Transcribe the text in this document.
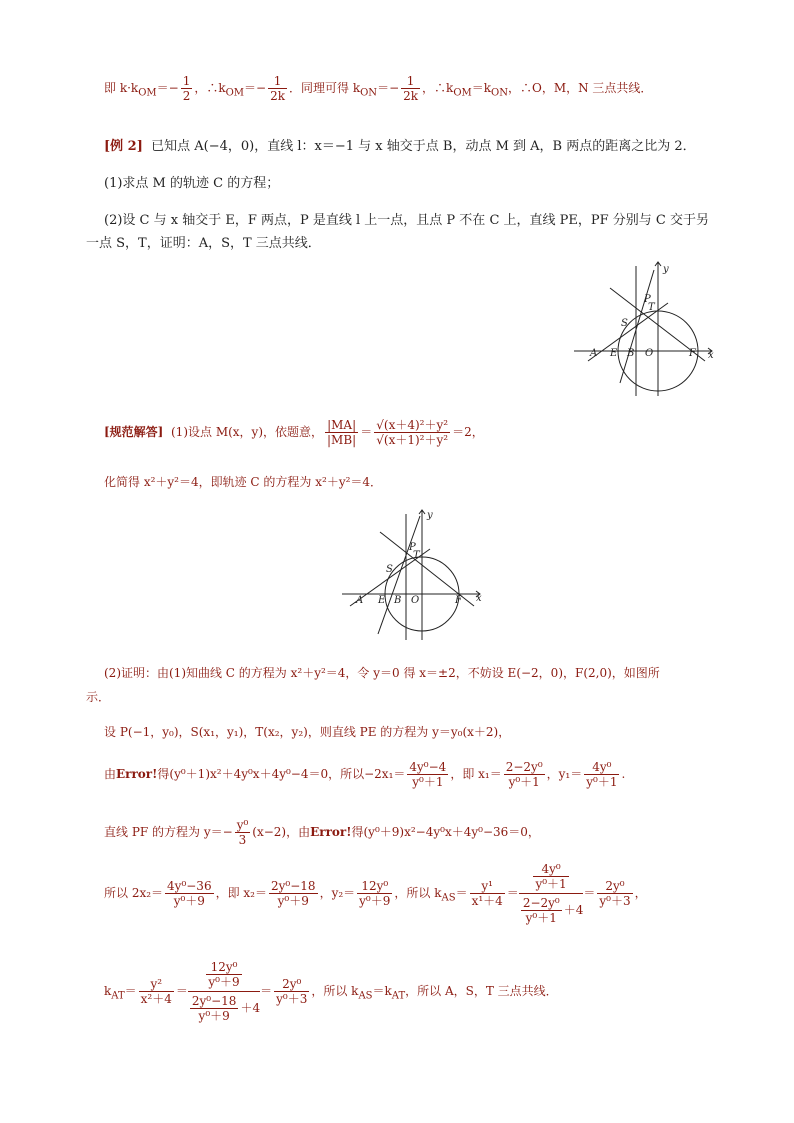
即 $k\cdot k_{OM}=- \frac{1}{2}$ ，$\therefore k_{OM}=- \frac{1}{2k}$ ．同理可得 $k_{ON}=- \frac{1}{2k}$ ，$\therefore k_{OM}=k_{ON}$，∴O，M，N 三点共线．
[例 2] 已知点 A(−4，0)，直线 l：x＝−1 与 x 轴交于点 B，动点 M 到 A，B 两点的距离之比为 2．
(1)求点 M 的轨迹 C 的方程；
(2)设 C 与 x 轴交于 E，F 两点，P 是直线 l 上一点，且点 P 不在 C 上，直线 PE，PF 分别与 C 交于另
一点 S，T，证明：A，S，T 三点共线．
y
x
P
T
S
A E B O	F
[规范解答] (1)设点 M(x，y)，依题意， $\frac{|MA|}{|MB|} = \frac{\text{√(x＋4)²＋y²}}{\text{√(x＋1)²＋y²}} =2$，
化简得 x²＋y²＝4，即轨迹 C 的方程为 x²＋y²＝4．
y
x
P
T
S
A E B O	F
(2)证明：由(1)知曲线 C 的方程为 x²＋y²＝4，令 y＝0 得 x＝±2，不妨设 E(−2，0)，F(2,0)，如图所
示．
设 P(−1，y₀)，S(x₁，y₁)，T(x₂，y₂)，则直线 PE 的方程为 y＝y₀(x＋2)，
由Error!得(y⁰＋1)x²＋4y⁰x＋4y⁰−4＝0，所以$-2x_1= \frac{\text{4y⁰−4}}{\text{y⁰＋1}}$ ，即 $x_1= \frac{\text{2−2y⁰}}{\text{y⁰＋1}}$ ，$y_1= \frac{\text{4y⁰}}{\text{y⁰＋1}}$ .
直线 PF 的方程为 $y=- \frac{\text{y⁰}}{3} (x-2)$，由Error!得(y⁰＋9)x²−4y⁰x＋4y⁰−36＝0，
所以 $2x_2= \frac{\text{4y⁰−36}}{\text{y⁰＋9}}$ ，即 $x_2= \frac{\text{2y⁰−18}}{\text{y⁰＋9}}$ ，$y_2= \frac{\text{12y⁰}}{\text{y⁰＋9}}$ ，所以 $k_{AS}= \frac{\text{y¹}}{\text{x¹＋4}} = \frac{\frac{\text{4y⁰}}{\text{y⁰＋1}}}{\frac{\text{2−2y⁰}}{\text{y⁰＋1}} +4} = \frac{\text{2y⁰}}{\text{y⁰＋3}}$ ，
$k_{AT}= \frac{\text{y²}}{\text{x²＋4}} = \frac{\frac{\text{12y⁰}}{\text{y⁰＋9}}}{\frac{\text{2y⁰−18}}{\text{y⁰＋9}} +4} = \frac{\text{2y⁰}}{\text{y⁰＋3}}$ ，所以 $k_{AS}=k_{AT}$，所以 A，S，T 三点共线．
